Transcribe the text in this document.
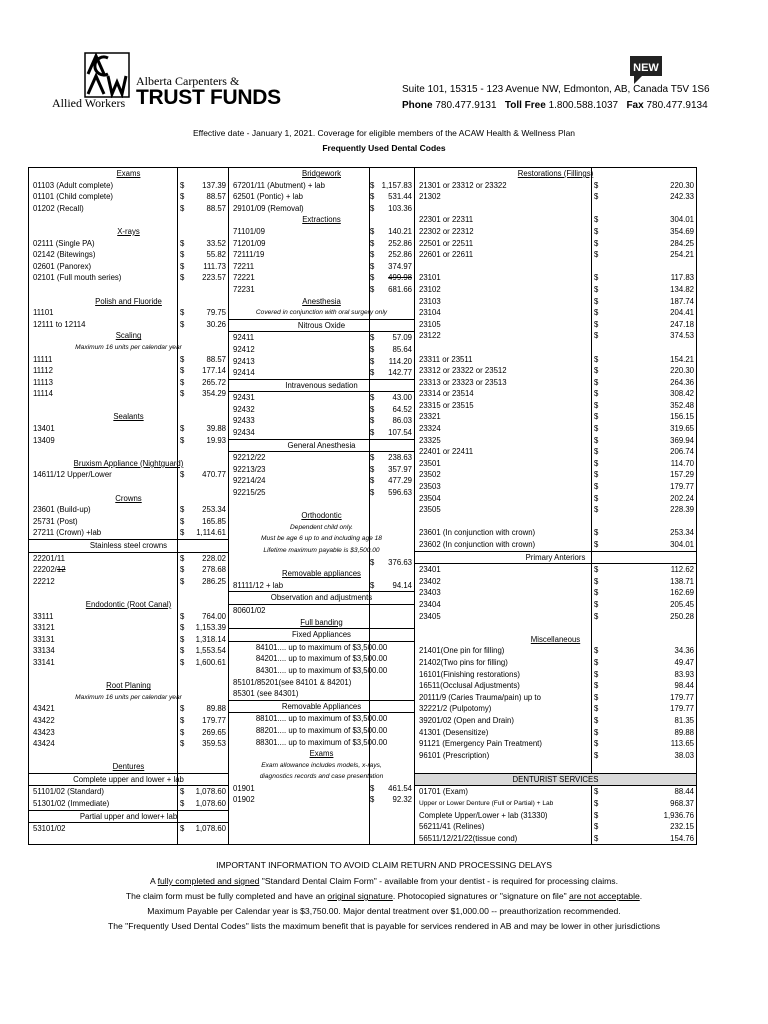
Alberta Carpenters &
TRUST FUNDS
Allied Workers
NEW
Suite 101, 15315 - 123 Avenue NW, Edmonton, AB, Canada T5V 1S6
Phone 780.477.9131 Toll Free 1.800.588.1037 Fax 780.477.9134
Effective date - January 1, 2021. Coverage for eligible members of the ACAW Health & Wellness Plan
Frequently Used Dental Codes
Exams
01103 (Adult complete)	$ 137.39
01101 (Child complete)	$	88.57
01202 (Recall)	$	88.57
X-rays
02111 (Single PA)	$	33.52
02142 (Bitewings)	$	55.82
02601 (Panorex)	$ 111.73
02101 (Full mouth series)	$ 223.57
Polish and Fluoride
11101	$	79.75
12111 to 12114	$	30.26
Scaling
Maximum 16 units per calendar year
11111	$	88.57
11112	$ 177.14
11113	$ 265.72
11114	$ 354.29
Sealants
13401	$	39.88
13409	$	19.93
Bruxism Appliance (Nightguard)
14611/12 Upper/Lower	$ 470.77
Crowns
23601 (Build-up)	$ 253.34
25731 (Post)	$ 165.85
27211 (Crown) +lab	$ 1,114.61
Stainless steel crowns
22201/11	$ 228.02
22202/12	$ 278.68
22212	$ 286.25
Endodontic (Root Canal)
33111	$ 764.00
33121	$ 1,153.39
33131	$ 1,318.14
33134	$ 1,553.54
33141	$ 1,600.61
Root Planing
Maximum 16 units per calendar year
43421	$	89.88
43422	$ 179.77
43423	$ 269.65
43424	$ 359.53
Dentures
Complete upper and lower + lab
51101/02 (Standard)	$ 1,078.60
51301/02 (Immediate)	$ 1,078.60
Partial upper and lower+ lab
53101/02	$ 1,078.60

Bridgework
67201/11 (Abutment) + lab	$ 1,157.83
62501 (Pontic) + lab	$ 531.44
29101/09 (Removal)	$ 103.36
Extractions
71101/09	$ 140.21
71201/09	$ 252.86
72111/19	$ 252.86
72211	$ 374.97
72221	$ 499.98
72231	$ 681.66
Anesthesia
Covered in conjunction with oral surgery only
Nitrous Oxide
92411	$ 57.09
92412	$ 85.64
92413	$ 114.20
92414	$ 142.77
Intravenous sedation
92431	$ 43.00
92432	$ 64.52
92433	$ 86.03
92434	$ 107.54
General Anesthesia
92212/22	$ 238.63
92213/23	$ 357.97
92214/24	$ 477.29
92215/25	$ 596.63
Orthodontic
Dependent child only.
Must be age 6 up to and including age 18
Lifetime maximum payable is $3,500.00
$ 376.63
Removable appliances
81111/12 + lab	$ 94.14
Observation and adjustments
80601/02
Full banding
Fixed Appliances
84101.... up to maximum of $3,500.00
84201.... up to maximum of $3,500.00
84301.... up to maximum of $3,500.00
85101/85201(see 84101 & 84201)
85301 (see 84301)
Removable Appliances
88101.... up to maximum of $3,500.00
88201.... up to maximum of $3,500.00
88301.... up to maximum of $3,500.00
Exams
Exam allowance includes models, x-rays,
diagnostics records and case presentation
01901	$ 461.54
01902	$ 92.32

Restorations (Fillings)
21301 or 23312 or 23322	$	220.30
21302	$	242.33
22301 or 22311	$	304.01
22302 or 22312	$	354.69
22501 or 22511	$	284.25
22601 or 22611	$	254.21
23101	$	117.83
23102	$	134.82
23103	$	187.74
23104	$	204.41
23105	$	247.18
23122	$	374.53
23311 or 23511	$	154.21
23312 or 23322 or 23512	$	220.30
23313 or 23323 or 23513	$	264.36
23314 or 23514	$	308.42
23315 or 23515	$	352.48
23321	$	156.15
23324	$	319.65
23325	$	369.94
22401 or 22411	$	206.74
23501	$	114.70
23502	$	157.29
23503	$	179.77
23504	$	202.24
23505	$	228.39
23601 (In conjunction with crown)	$	253.34
23602 (In conjunction with crown)	$	304.01
Primary Anteriors
23401	$	112.62
23402	$	138.71
23403	$	162.69
23404	$	205.45
23405	$	250.28
Miscellaneous
21401(One pin for filling)	$	34.36
21402(Two pins for filling)	$	49.47
16101(Finishing restorations)	$	83.93
16511(Occlusal Adjustments)	$	98.44
20111/9 (Caries Trauma/pain) up to	$	179.77
32221/2 (Pulpotomy)	$	179.77
39201/02 (Open and Drain)	$	81.35
41301 (Desensitize)	$	89.88
91121 (Emergency Pain Treatment)	$	113.65
96101 (Prescription)	$	38.03
DENTURIST SERVICES
01701 (Exam)	$	88.44
Upper or Lower Denture (Full or Partial) + Lab	$	968.37
Complete Upper/Lower + lab (31330)	$	1,936.76
56211/41 (Relines)	$	232.15
56511/12/21/22(tissue cond)	$	154.76
IMPORTANT INFORMATION TO AVOID CLAIM RETURN AND PROCESSING DELAYS
A fully completed and signed "Standard Dental Claim Form" - available from your dentist - is required for processing claims.
The claim form must be fully completed and have an original signature. Photocopied signatures or "signature on file" are not acceptable.
Maximum Payable per Calendar year is $3,750.00. Major dental treatment over $1,000.00 -- preauthorization recommended.
The "Frequently Used Dental Codes" lists the maximum benefit that is payable for services rendered in AB and may be lower in other jurisdictions
